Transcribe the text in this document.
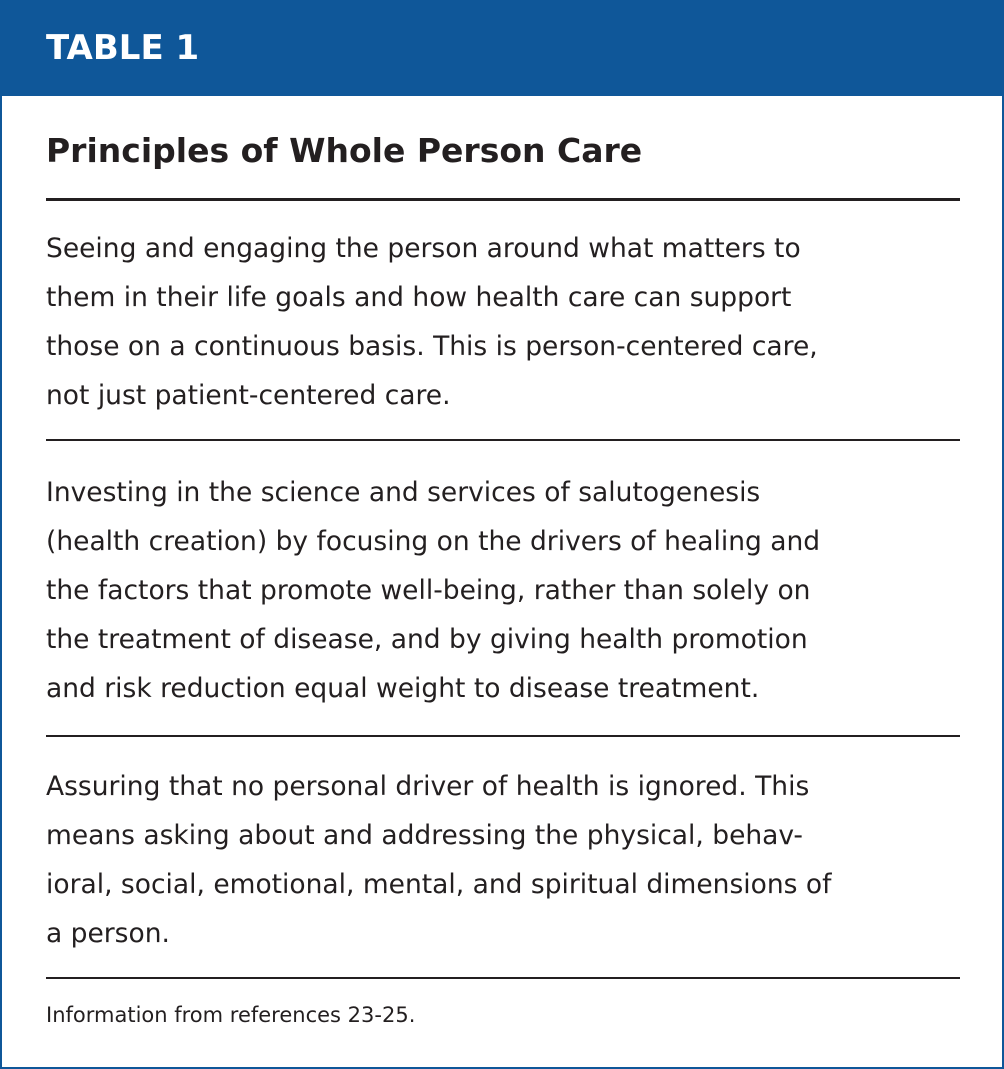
TABLE 1
Principles of Whole Person Care

Seeing and engaging the person around what matters to
them in their life goals and how health care can support
those on a continuous basis. This is person-centered care,
not just patient-centered care.

Investing in the science and services of salutogenesis
(health creation) by focusing on the drivers of healing and
the factors that promote well-being, rather than solely on
the treatment of disease, and by giving health promotion
and risk reduction equal weight to disease treatment.

Assuring that no personal driver of health is ignored. This
means asking about and addressing the physical, behav-
ioral, social, emotional, mental, and spiritual dimensions of
a person.

Information from references 23-25.
